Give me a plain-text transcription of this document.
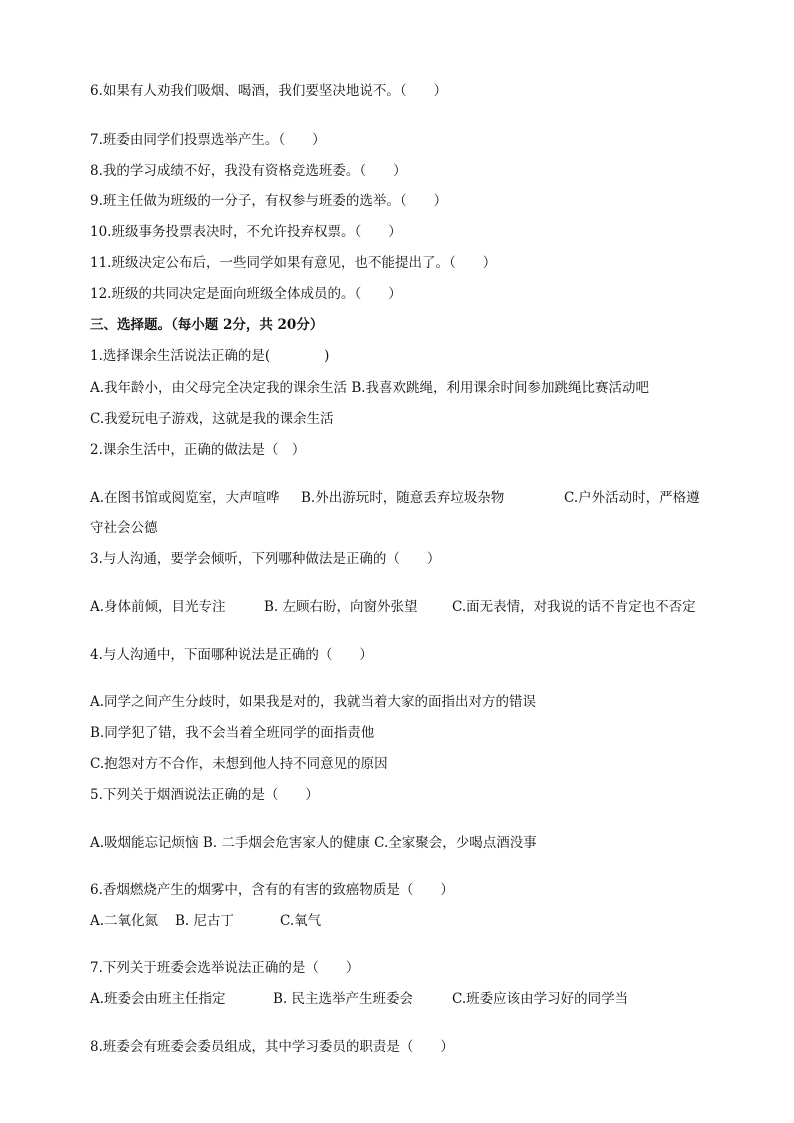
6.如果有人劝我们吸烟、喝酒，我们要坚决地说不。（　　）
7.班委由同学们投票选举产生。（　　）
8.我的学习成绩不好，我没有资格竞选班委。（　　）
9.班主任做为班级的一分子，有权参与班委的选举。（　　）
10.班级事务投票表决时，不允许投弃权票。（　　）
11.班级决定公布后，一些同学如果有意见，也不能提出了。（　　）
12.班级的共同决定是面向班级全体成员的。（　　）
三、选择题。（每小题 2分，共 20分）
1.选择课余生活说法正确的是(　　　　)
A.我年龄小，由父母完全决定我的课余生活 B.我喜欢跳绳，利用课余时间参加跳绳比赛活动吧
C.我爱玩电子游戏，这就是我的课余生活
2.课余生活中，正确的做法是（　）
A.在图书馆或阅览室，大声喧哗 B.外出游玩时，随意丢弃垃圾杂物	C.户外活动时，严格遵
守社会公德
3.与人沟通，要学会倾听，下列哪种做法是正确的（　　）
A.身体前倾，目光专注	B. 左顾右盼，向窗外张望	C.面无表情，对我说的话不肯定也不否定
4.与人沟通中，下面哪种说法是正确的（　　）
A.同学之间产生分歧时，如果我是对的，我就当着大家的面指出对方的错误
B.同学犯了错，我不会当着全班同学的面指责他
C.抱怨对方不合作，未想到他人持不同意见的原因
5.下列关于烟酒说法正确的是（　　）
A.吸烟能忘记烦恼 B. 二手烟会危害家人的健康 C.全家聚会，少喝点酒没事
6.香烟燃烧产生的烟雾中，含有的有害的致癌物质是（　　）
A.二氧化氮 B. 尼古丁	C.氧气
7.下列关于班委会选举说法正确的是（　　）
A.班委会由班主任指定	B. 民主选举产生班委会	C.班委应该由学习好的同学当
8.班委会有班委会委员组成，其中学习委员的职责是（　　）
